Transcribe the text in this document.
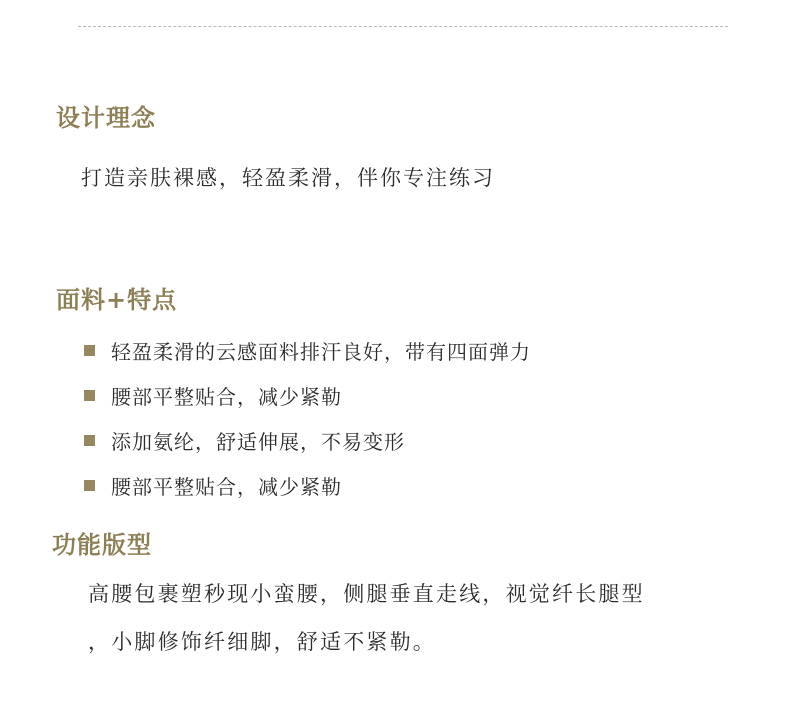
设计理念
打造亲肤裸感，轻盈柔滑，伴你专注练习
面料+特点
轻盈柔滑的云感面料排汗良好，带有四面弹力
腰部平整贴合，减少紧勒
添加氨纶，舒适伸展，不易变形
腰部平整贴合，减少紧勒
功能版型
高腰包裹塑秒现小蛮腰，侧腿垂直走线，视觉纤长腿型
，小脚修饰纤细脚，舒适不紧勒。
